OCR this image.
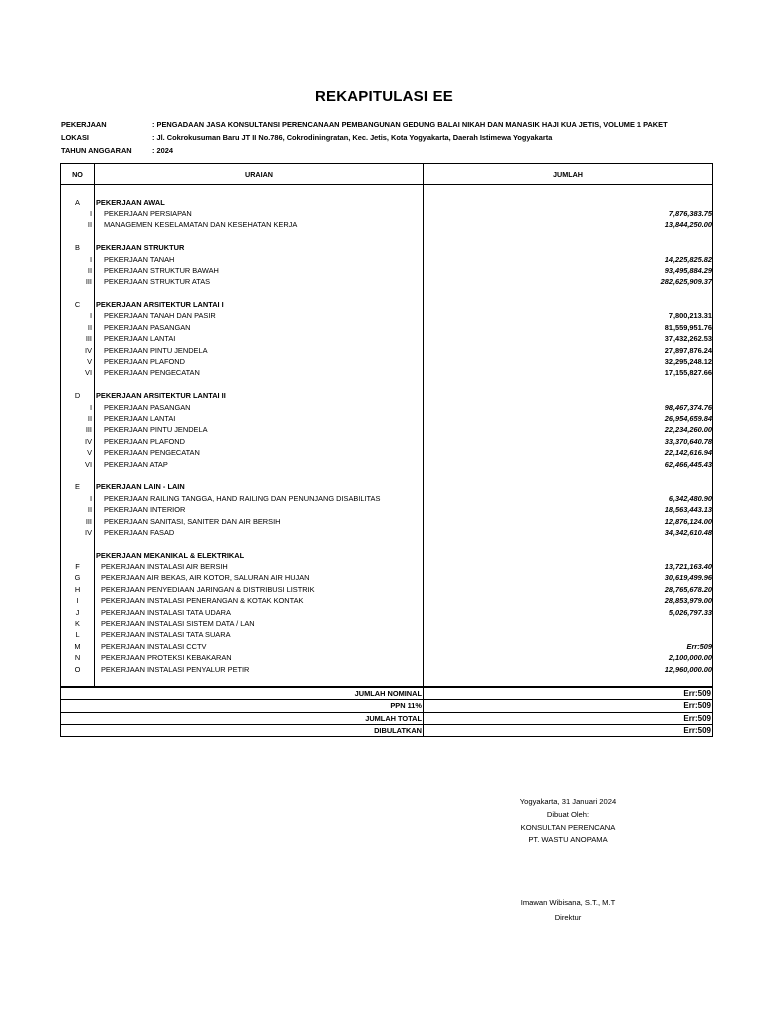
REKAPITULASI EE
PEKERJAAN	: PENGADAAN JASA KONSULTANSI PERENCANAAN PEMBANGUNAN GEDUNG BALAI NIKAH DAN MANASIK HAJI KUA JETIS, VOLUME 1 PAKET
LOKASI	: Jl. Cokrokusuman Baru JT II No.786, Cokrodiningratan, Kec. Jetis, Kota Yogyakarta, Daerah Istimewa Yogyakarta
TAHUN ANGGARAN	: 2024
NO	URAIAN	JUMLAH

A	PEKERJAAN AWAL	
I	PEKERJAAN PERSIAPAN	7,876,383.75
II	MANAGEMEN KESELAMATAN DAN KESEHATAN KERJA	13,844,250.00

B	PEKERJAAN STRUKTUR	
I	PEKERJAAN TANAH	14,225,825.82
II	PEKERJAAN STRUKTUR BAWAH	93,495,884.29
III	PEKERJAAN STRUKTUR ATAS	282,625,909.37

C	PEKERJAAN ARSITEKTUR LANTAI I	
I	PEKERJAAN TANAH DAN PASIR	7,800,213.31
II	PEKERJAAN PASANGAN	81,559,951.76
III	PEKERJAAN LANTAI	37,432,262.53
IV	PEKERJAAN PINTU JENDELA	27,897,876.24
V	PEKERJAAN PLAFOND	32,295,248.12
VI	PEKERJAAN PENGECATAN	17,155,827.66

D	PEKERJAAN ARSITEKTUR LANTAI II	
I	PEKERJAAN PASANGAN	98,467,374.76
II	PEKERJAAN LANTAI	26,954,659.84
III	PEKERJAAN PINTU JENDELA	22,234,260.00
IV	PEKERJAAN PLAFOND	33,370,640.78
V	PEKERJAAN PENGECATAN	22,142,616.94
VI	PEKERJAAN ATAP	62,466,445.43

E	PEKERJAAN LAIN - LAIN	
I	PEKERJAAN RAILING TANGGA, HAND RAILING DAN PENUNJANG DISABILITAS	6,342,480.90
II	PEKERJAAN INTERIOR	18,563,443.13
III	PEKERJAAN SANITASI, SANITER DAN AIR BERSIH	12,876,124.00
IV	PEKERJAAN FASAD	34,342,610.48

	PEKERJAAN MEKANIKAL & ELEKTRIKAL	
F	PEKERJAAN INSTALASI AIR BERSIH	13,721,163.40
G	PEKERJAAN AIR BEKAS, AIR KOTOR, SALURAN AIR HUJAN	30,619,499.96
H	PEKERJAAN PENYEDIAAN JARINGAN & DISTRIBUSI LISTRIK	28,765,678.20
I	PEKERJAAN INSTALASI PENERANGAN & KOTAK KONTAK	28,853,979.00
J	PEKERJAAN INSTALASI TATA UDARA	5,026,797.33
K	PEKERJAAN INSTALASI SISTEM DATA / LAN	
L	PEKERJAAN INSTALASI TATA SUARA	
M	PEKERJAAN INSTALASI CCTV	Err:509
N	PEKERJAAN PROTEKSI KEBAKARAN	2,100,000.00
O	PEKERJAAN INSTALASI PENYALUR PETIR	12,960,000.00

JUMLAH NOMINAL		Err:509
PPN 11%		Err:509
JUMLAH TOTAL		Err:509
DIBULATKAN		Err:509
Yogyakarta, 31 Januari 2024
Dibuat Oleh:
KONSULTAN PERENCANA
PT. WASTU ANOPAMA
Imawan Wibisana, S.T., M.T
Direktur
